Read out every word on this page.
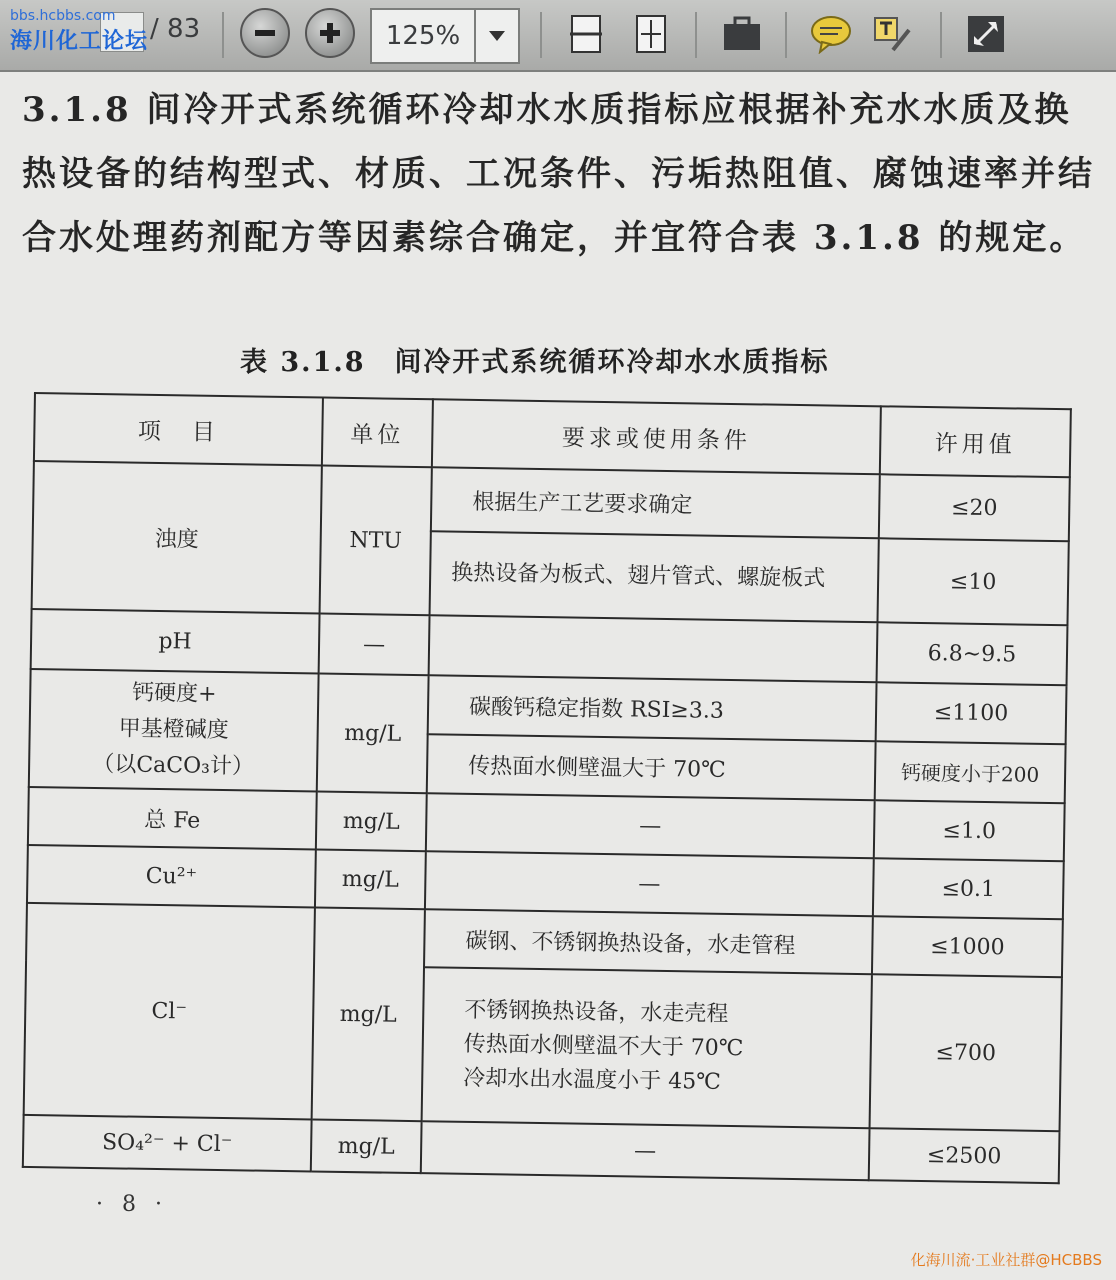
bbs.hcbbs.com
海川化工论坛 / 83	125%
3.1.8 间冷开式系统循环冷却水水质指标应根据补充水水质及换热设备的结构型式、材质、工况条件、污垢热阻值、腐蚀速率并结合水处理药剂配方等因素综合确定，并宜符合表 3.1.8 的规定。
表 3.1.8　间冷开式系统循环冷却水水质指标
项　目	单位	要求或使用条件	许用值
浊度	NTU	根据生产工艺要求确定	≤20
		换热设备为板式、翅片管式、螺旋板式	≤10
pH	—		6.8~9.5

钙硬度+
甲基橙碱度
（以CaCO₃计）	mg/L	碳酸钙稳定指数 RSI≥3.3	≤1100
		传热面水侧壁温大于 70℃	钙硬度小于200
总 Fe	mg/L	—	≤1.0
Cu²⁺	mg/L	—	≤0.1
Cl⁻	mg/L	碳钢、不锈钢换热设备，水走管程	≤1000

		不锈钢换热设备，水走壳程
传热面水侧壁温不大于 70℃
冷却水出水温度小于 45℃	≤700
SO₄²⁻ + Cl⁻	mg/L	—	≤2500
· 8 ·
化海川流·工业社群@HCBBS
